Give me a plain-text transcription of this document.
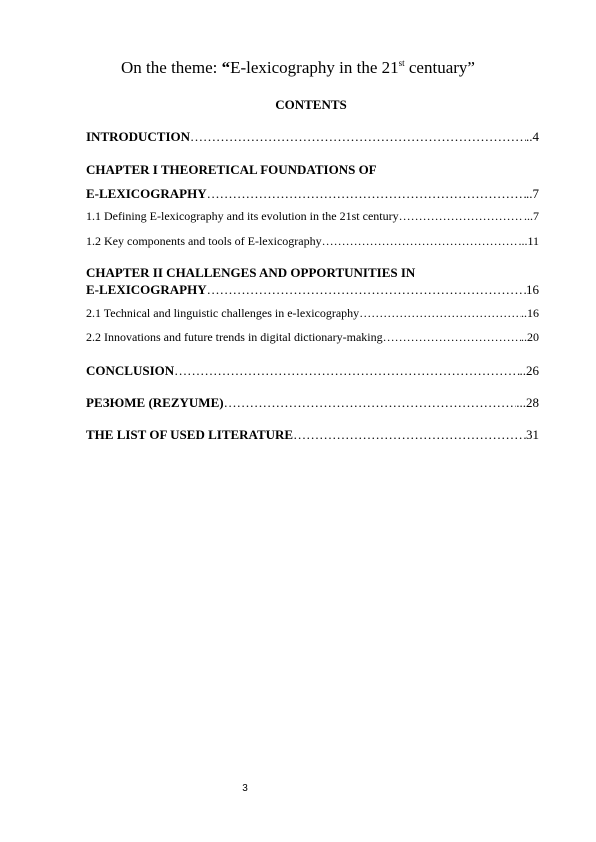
On the theme: “E-lexicography in the 21st centuary”
CONTENTS
INTRODUCTION …………………………………………………………………………………………………………………………………………………………………	..4
CHAPTER I THEORETICAL FOUNDATIONS OF
E-LEXICOGRAPHY …………………………………………………………………………………………………………………………………………………………………	..7
1.1 Defining E-lexicography and its evolution in the 21st century …………………………………………………………………………………………………………………………………………………………………	...7
1.2 Key components and tools of E-lexicography …………………………………………………………………………………………………………………………………………………………………	...11
CHAPTER II CHALLENGES AND OPPORTUNITIES IN
E-LEXICOGRAPHY …………………………………………………………………………………………………………………………………………………………………	16
2.1 Technical and linguistic challenges in e-lexicography …………………………………………………………………………………………………………………………………………………………………	..16
2.2 Innovations and future trends in digital dictionary-making …………………………………………………………………………………………………………………………………………………………………	..20
CONCLUSION …………………………………………………………………………………………………………………………………………………………………	..26
РЕЗЮМЕ (REZYUME) …………………………………………………………………………………………………………………………………………………………………	...28
THE LIST OF USED LITERATURE …………………………………………………………………………………………………………………………………………………………………	31
3
